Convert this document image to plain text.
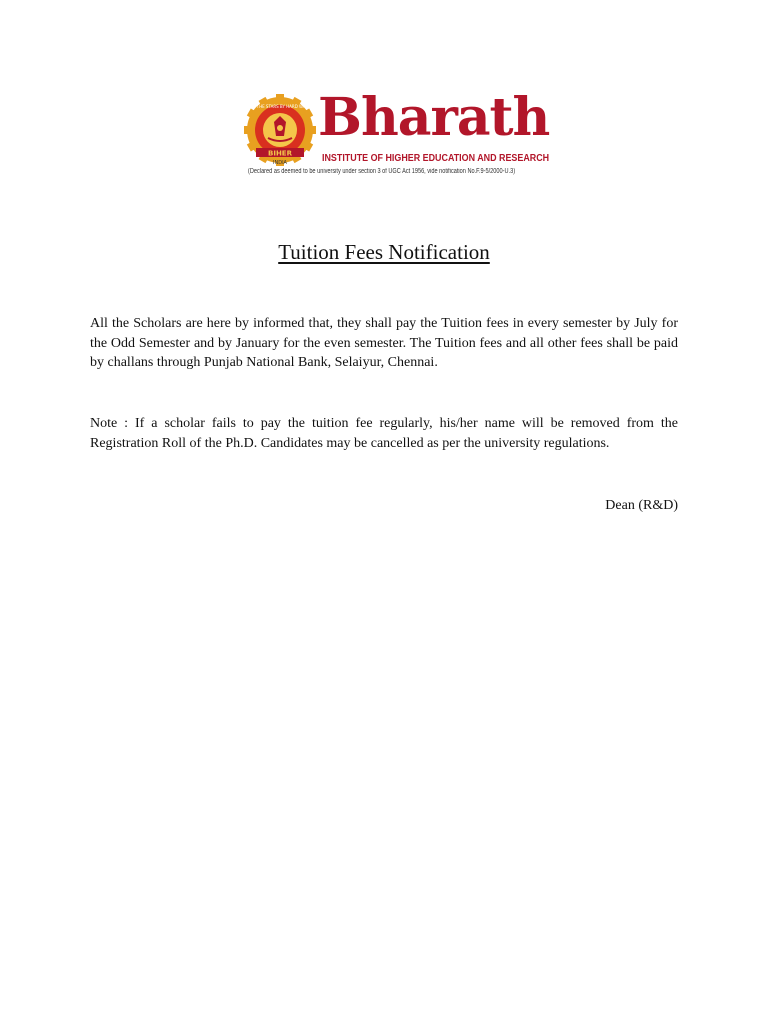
BIHER
INDIA
TO THE STARS BY HARD WAYS Bharath
INSTITUTE OF HIGHER EDUCATION AND RESEARCH
(Declared as deemed to be university under section 3 of UGC Act 1956, vide notification No.F.9-5/2000-U.3)
Tuition Fees Notification
All the Scholars are here by informed that, they shall pay the Tuition fees in every semester by July for the Odd Semester and by January for the even semester. The Tuition fees and all other fees shall be paid by challans through Punjab National Bank, Selaiyur, Chennai.
Note : If a scholar fails to pay the tuition fee regularly, his/her name will be removed from the Registration Roll of the Ph.D. Candidates may be cancelled as per the university regulations.
Dean (R&D)
